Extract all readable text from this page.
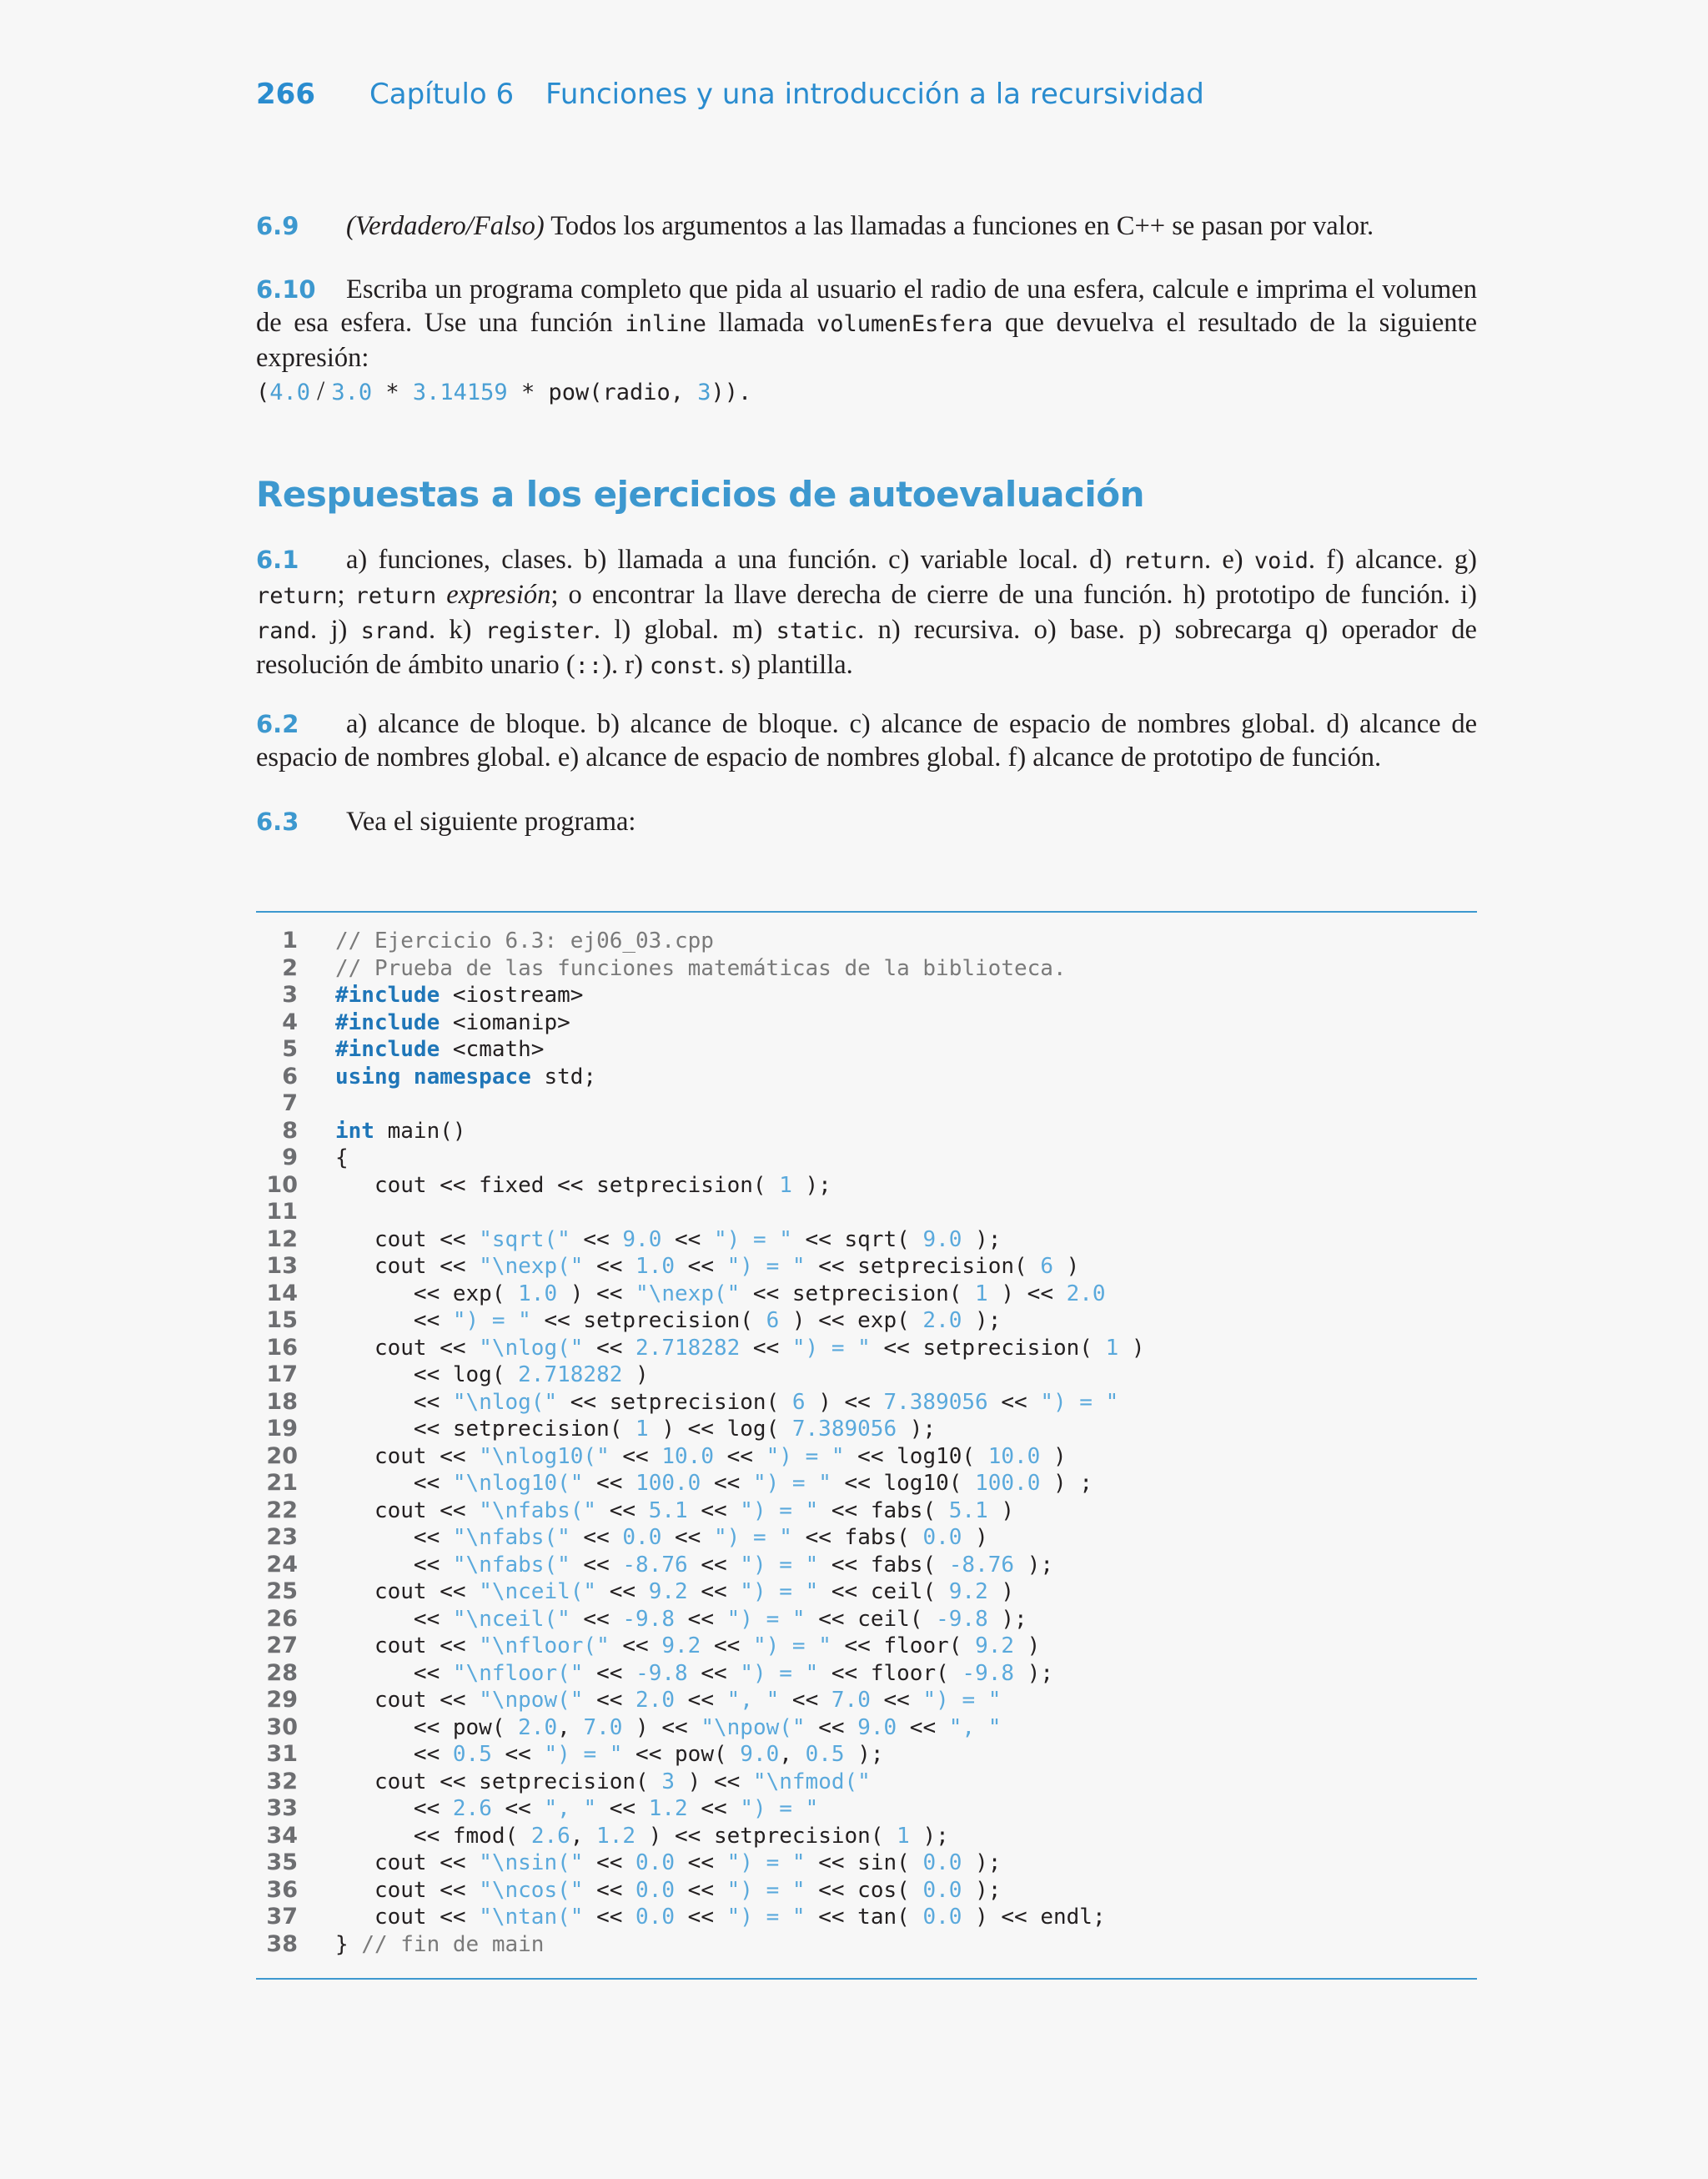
266 Capítulo 6 Funciones y una introducción a la recursividad
6.9 (Verdadero/Falso) Todos los argumentos a las llamadas a funciones en C++ se pasan por valor.
6.10 Escriba un programa completo que pida al usuario el radio de una esfera, calcule e imprima el volumen de esa esfera. Use una función inline llamada volumenEsfera que devuelva el resultado de la siguiente expresión:
(4.0 / 3.0 * 3.14159 * pow(radio, 3)).
Respuestas a los ejercicios de autoevaluación
6.1 a) funciones, clases. b) llamada a una función. c) variable local. d) return. e) void. f) alcance. g) return; return expresión; o encontrar la llave derecha de cierre de una función. h) prototipo de función. i) rand. j) srand. k) register. l) global. m) static. n) recursiva. o) base. p) sobrecarga q) operador de resolución de ámbito unario (::). r) const. s) plantilla.
6.2 a) alcance de bloque. b) alcance de bloque. c) alcance de espacio de nombres global. d) alcance de espacio de nombres global. e) alcance de espacio de nombres global. f) alcance de prototipo de función.
6.3 Vea el siguiente programa:
1 // Ejercicio 6.3: ej06_03.cpp
2 // Prueba de las funciones matemáticas de la biblioteca.
3 #include <iostream>
4 #include <iomanip>
5 #include <cmath>
6 using namespace std;
7
8 int main()
9 {
10   cout << fixed << setprecision( 1 );
11
12   cout << "sqrt(" << 9.0 << ") = " << sqrt( 9.0 );
13   cout << "\nexp(" << 1.0 << ") = " << setprecision( 6 )
14      << exp( 1.0 ) << "\nexp(" << setprecision( 1 ) << 2.0
15      << ") = " << setprecision( 6 ) << exp( 2.0 );
16   cout << "\nlog(" << 2.718282 << ") = " << setprecision( 1 )
17      << log( 2.718282 )
18      << "\nlog(" << setprecision( 6 ) << 7.389056 << ") = "
19      << setprecision( 1 ) << log( 7.389056 );
20   cout << "\nlog10(" << 10.0 << ") = " << log10( 10.0 )
21      << "\nlog10(" << 100.0 << ") = " << log10( 100.0 ) ;
22   cout << "\nfabs(" << 5.1 << ") = " << fabs( 5.1 )
23      << "\nfabs(" << 0.0 << ") = " << fabs( 0.0 )
24      << "\nfabs(" << -8.76 << ") = " << fabs( -8.76 );
25   cout << "\nceil(" << 9.2 << ") = " << ceil( 9.2 )
26      << "\nceil(" << -9.8 << ") = " << ceil( -9.8 );
27   cout << "\nfloor(" << 9.2 << ") = " << floor( 9.2 )
28      << "\nfloor(" << -9.8 << ") = " << floor( -9.8 );
29   cout << "\npow(" << 2.0 << ", " << 7.0 << ") = "
30      << pow( 2.0, 7.0 ) << "\npow(" << 9.0 << ", "
31      << 0.5 << ") = " << pow( 9.0, 0.5 );
32   cout << setprecision( 3 ) << "\nfmod("
33      << 2.6 << ", " << 1.2 << ") = "
34      << fmod( 2.6, 1.2 ) << setprecision( 1 );
35   cout << "\nsin(" << 0.0 << ") = " << sin( 0.0 );
36   cout << "\ncos(" << 0.0 << ") = " << cos( 0.0 );
37   cout << "\ntan(" << 0.0 << ") = " << tan( 0.0 ) << endl;
38 } // fin de main
